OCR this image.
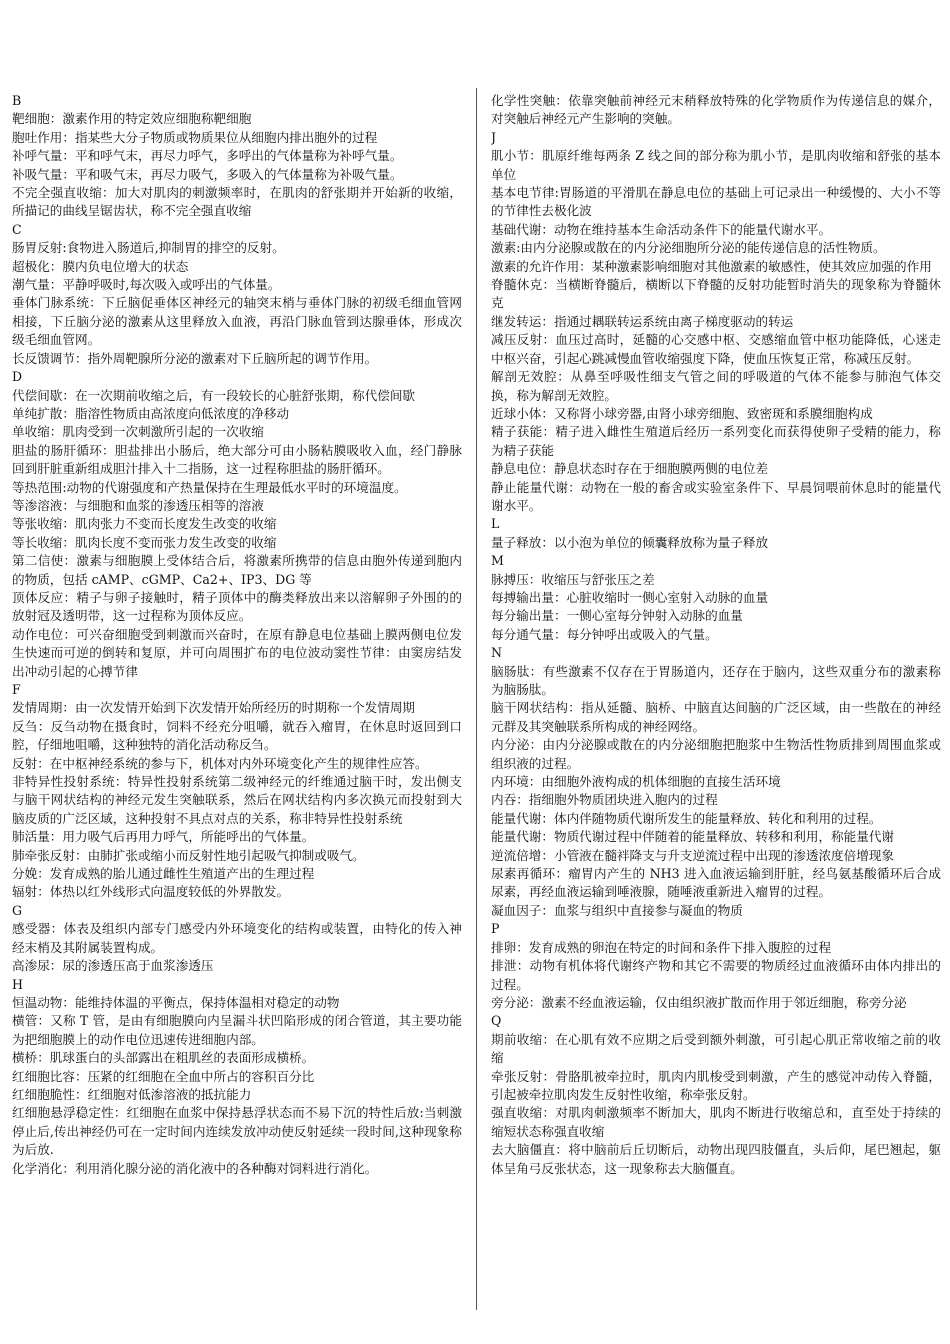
B
靶细胞：激素作用的特定效应细胞称靶细胞
胞吐作用：指某些大分子物质或物质果位从细胞内排出胞外的过程
补呼气量：平和呼气末，再尽力呼气，多呼出的气体量称为补呼气量。
补吸气量：平和吸气末，再尽力吸气，多吸入的气体量称为补吸气量。
不完全强直收缩：加大对肌肉的刺激频率时，在肌肉的舒张期并开始新的收缩，所描记的曲线呈锯齿状，称不完全强直收缩
C
肠胃反射:食物进入肠道后,抑制胃的排空的反射。
超极化：膜内负电位增大的状态
潮气量：平静呼吸时,每次吸入或呼出的气体量。
垂体门脉系统：下丘脑促垂体区神经元的轴突末梢与垂体门脉的初级毛细血管网相接，下丘脑分泌的激素从这里释放入血液，再沿门脉血管到达腺垂体，形成次级毛细血管网。
长反馈调节：指外周靶腺所分泌的激素对下丘脑所起的调节作用。
D
代偿间歇：在一次期前收缩之后，有一段较长的心脏舒张期，称代偿间歇
单纯扩散：脂溶性物质由高浓度向低浓度的净移动
单收缩：肌肉受到一次刺激所引起的一次收缩
胆盐的肠肝循环：胆盐排出小肠后，绝大部分可由小肠粘膜吸收入血，经门静脉回到肝脏重新组成胆汁排入十二指肠，这一过程称胆盐的肠肝循环。
等热范围:动物的代谢强度和产热量保持在生理最低水平时的环境温度。
等渗溶液：与细胞和血浆的渗透压相等的溶液
等张收缩：肌肉张力不变而长度发生改变的收缩
等长收缩：肌肉长度不变而张力发生改变的收缩
第二信使：激素与细胞膜上受体结合后，将激素所携带的信息由胞外传递到胞内的物质，包括 cAMP、cGMP、Ca2+、IP3、DG 等
顶体反应：精子与卵子接触时，精子顶体中的酶类释放出来以溶解卵子外围的的放射冠及透明带，这一过程称为顶体反应。
动作电位：可兴奋细胞受到刺激而兴奋时，在原有静息电位基础上膜两侧电位发生快速而可逆的倒转和复原，并可向周围扩布的电位波动窦性节律：由窦房结发出冲动引起的心搏节律
F
发情周期：由一次发情开始到下次发情开始所经历的时期称一个发情周期
反刍：反刍动物在摄食时，饲料不经充分咀嚼，就吞入瘤胃，在休息时返回到口腔，仔细地咀嚼，这种独特的消化活动称反刍。
反射：在中枢神经系统的参与下，机体对内外环境变化产生的规律性应答。
非特异性投射系统：特异性投射系统第二级神经元的纤维通过脑干时，发出侧支与脑干网状结构的神经元发生突触联系，然后在网状结构内多次换元而投射到大脑皮质的广泛区域，这种投射不具点对点的关系，称非特异性投射系统
肺活量：用力吸气后再用力呼气，所能呼出的气体量。
肺牵张反射：由肺扩张或缩小而反射性地引起吸气抑制或吸气。
分娩：发育成熟的胎儿通过雌性生殖道产出的生理过程
辐射：体热以红外线形式向温度较低的外界散发。
G
感受器：体表及组织内部专门感受内外环境变化的结构或装置，由特化的传入神经末梢及其附属装置构成。
高渗尿：尿的渗透压高于血浆渗透压
H
恒温动物：能维持体温的平衡点，保持体温相对稳定的动物
横管：又称 T 管，是由有细胞膜向内呈漏斗状凹陷形成的闭合管道，其主要功能为把细胞膜上的动作电位迅速传进细胞内部。
横桥：肌球蛋白的头部露出在粗肌丝的表面形成横桥。
红细胞比容：压紧的红细胞在全血中所占的容积百分比
红细胞脆性：红细胞对低渗溶液的抵抗能力
红细胞悬浮稳定性：红细胞在血浆中保持悬浮状态而不易下沉的特性后放:当刺激停止后,传出神经仍可在一定时间内连续发放冲动使反射延续一段时间,这种现象称为后放.
化学消化：利用消化腺分泌的消化液中的各种酶对饲料进行消化。
化学性突触：依靠突触前神经元末稍释放特殊的化学物质作为传递信息的媒介，对突触后神经元产生影响的突触。
J
肌小节：肌原纤维每两条 Z 线之间的部分称为肌小节，是肌肉收缩和舒张的基本单位
基本电节律:胃肠道的平滑肌在静息电位的基础上可记录出一种缓慢的、大小不等的节律性去极化波
基础代谢：动物在维持基本生命活动条件下的能量代谢水平。
激素:由内分泌腺或散在的内分泌细胞所分泌的能传递信息的活性物质。
激素的允许作用：某种激素影响细胞对其他激素的敏感性，使其效应加强的作用
脊髓休克：当横断脊髓后，横断以下脊髓的反射功能暂时消失的现象称为脊髓休克
继发转运：指通过耦联转运系统由离子梯度驱动的转运
减压反射：血压过高时，延髓的心交感中枢、交感缩血管中枢功能降低，心迷走中枢兴奋，引起心跳减慢血管收缩强度下降，使血压恢复正常，称减压反射。
解剖无效腔：从鼻至呼吸性细支气管之间的呼吸道的气体不能参与肺泡气体交换，称为解剖无效腔。
近球小体：又称肾小球旁器,由肾小球旁细胞、致密斑和系膜细胞构成
精子获能：精子进入雌性生殖道后经历一系列变化而获得使卵子受精的能力，称为精子获能
静息电位：静息状态时存在于细胞膜两侧的电位差
静止能量代谢：动物在一般的畜舍或实验室条件下、早晨饲喂前休息时的能量代谢水平。
L
量子释放：以小泡为单位的倾囊释放称为量子释放
M
脉搏压：收缩压与舒张压之差
每搏输出量：心脏收缩时一侧心室射入动脉的血量
每分输出量：一侧心室每分钟射入动脉的血量
每分通气量：每分钟呼出或吸入的气量。
N
脑肠肽：有些激素不仅存在于胃肠道内，还存在于脑内，这些双重分布的激素称为脑肠肽。
脑干网状结构：指从延髓、脑桥、中脑直达间脑的广泛区域，由一些散在的神经元群及其突触联系所构成的神经网络。
内分泌：由内分泌腺或散在的内分泌细胞把胞浆中生物活性物质排到周围血浆或组织液的过程。
内环境：由细胞外液构成的机体细胞的直接生活环境
内吞：指细胞外物质团块进入胞内的过程
能量代谢：体内伴随物质代谢所发生的能量释放、转化和利用的过程。
能量代谢：物质代谢过程中伴随着的能量释放、转移和利用，称能量代谢
逆流倍增：小管液在髓袢降支与升支逆流过程中出现的渗透浓度倍增现象
尿素再循环：瘤胃内产生的 NH3 进入血液运输到肝脏，经鸟氨基酸循环后合成尿素，再经血液运输到唾液腺，随唾液重新进入瘤胃的过程。
凝血因子：血浆与组织中直接参与凝血的物质
P
排卵：发育成熟的卵泡在特定的时间和条件下排入腹腔的过程
排泄：动物有机体将代谢终产物和其它不需要的物质经过血液循环由体内排出的过程。
旁分泌：激素不经血液运输，仅由组织液扩散而作用于邻近细胞，称旁分泌
Q
期前收缩：在心肌有效不应期之后受到额外刺激，可引起心肌正常收缩之前的收缩
牵张反射：骨胳肌被牵拉时，肌肉内肌梭受到刺激，产生的感觉冲动传入脊髓，引起被牵拉肌肉发生反射性收缩，称牵张反射。
强直收缩：对肌肉刺激频率不断加大，肌肉不断进行收缩总和，直至处于持续的缩短状态称强直收缩
去大脑僵直：将中脑前后丘切断后，动物出现四肢僵直，头后仰，尾巴翘起，躯体呈角弓反张状态，这一现象称去大脑僵直。
